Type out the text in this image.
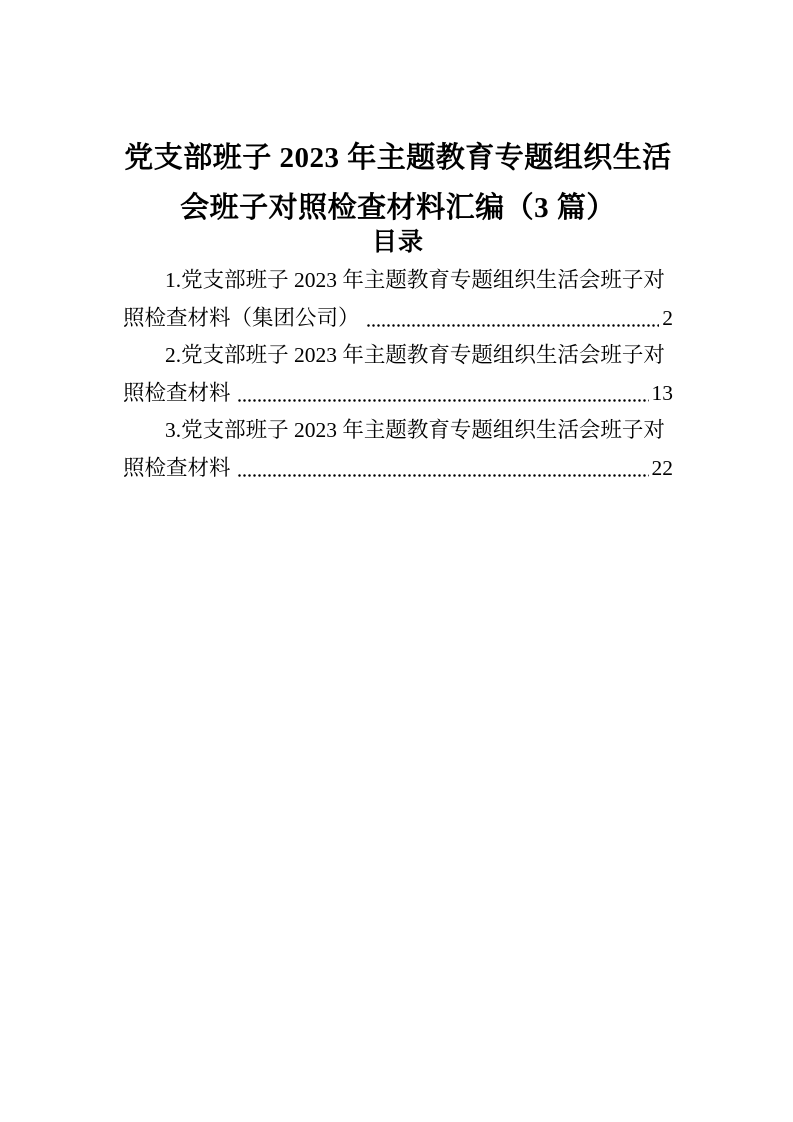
党支部班子 2023 年主题教育专题组织生活
会班子对照检查材料汇编（3 篇）
目录
1.党支部班子 2023 年主题教育专题组织生活会班子对
照检查材料（集团公司）	2
2.党支部班子 2023 年主题教育专题组织生活会班子对
照检查材料	13
3.党支部班子 2023 年主题教育专题组织生活会班子对
照检查材料	22
